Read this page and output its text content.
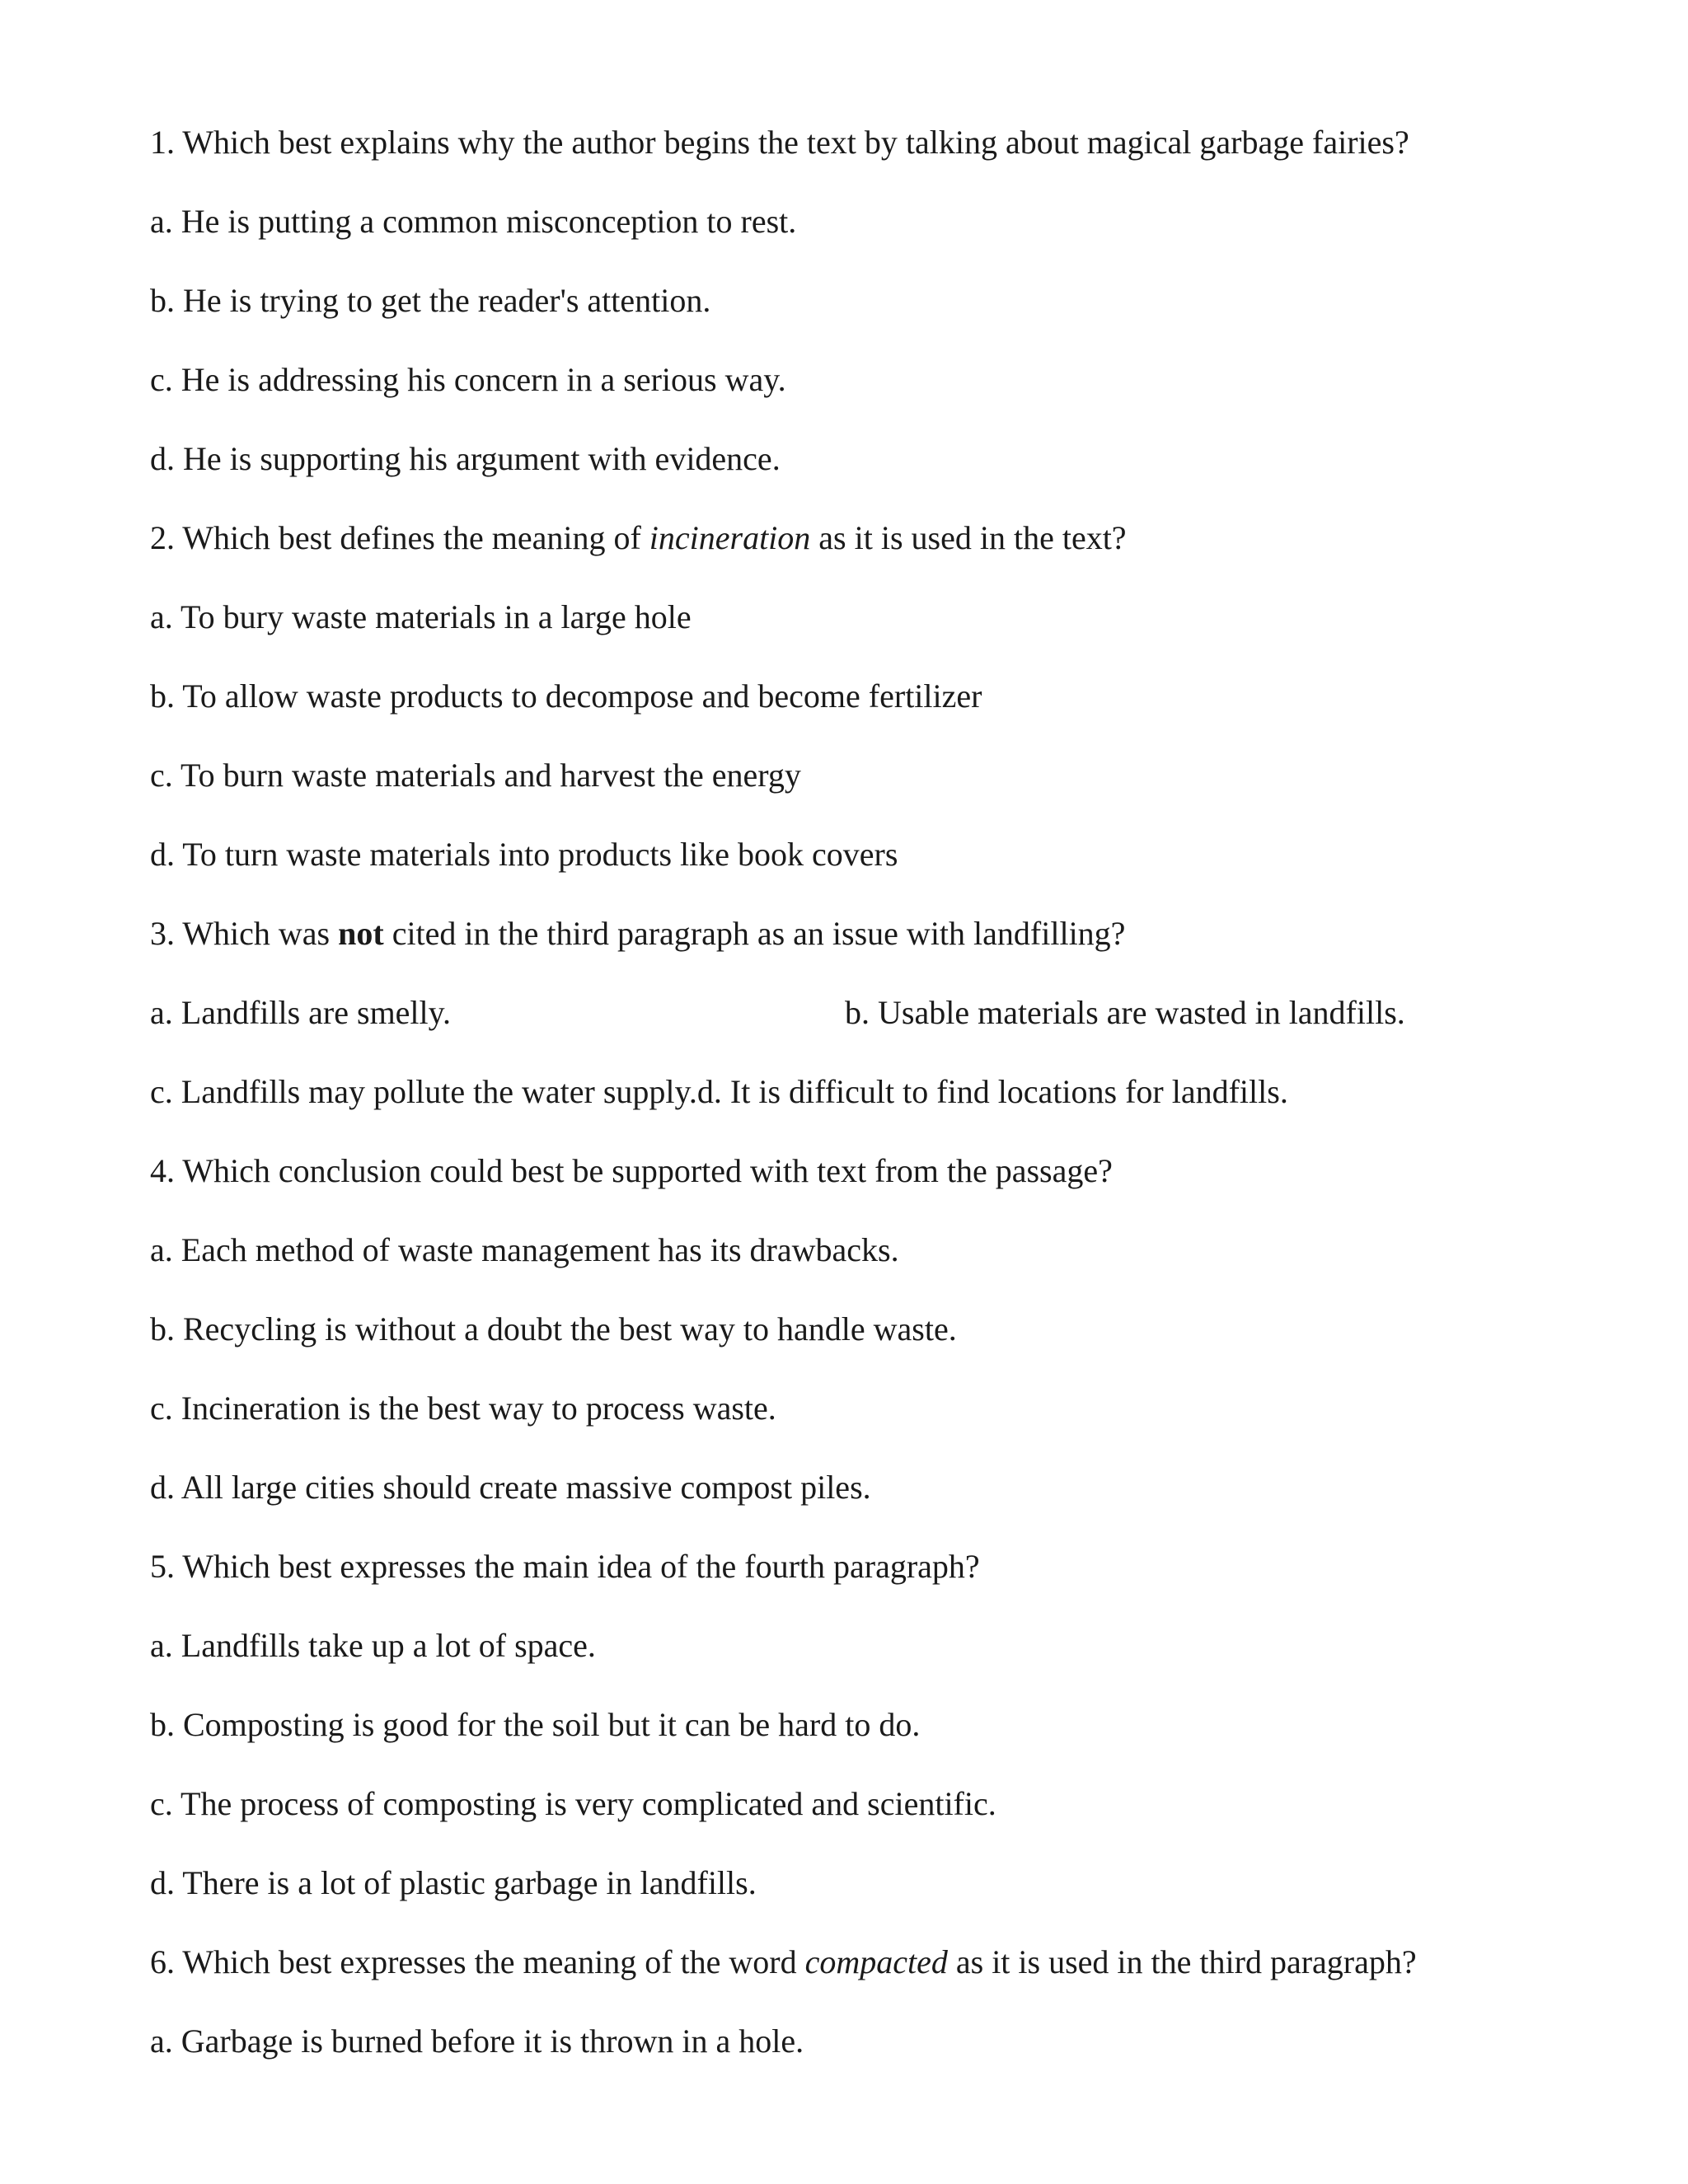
1. Which best explains why the author begins the text by talking about magical garbage fairies?
a. He is putting a common misconception to rest.
b. He is trying to get the reader's attention.
c. He is addressing his concern in a serious way.
d. He is supporting his argument with evidence.
2. Which best defines the meaning of incineration as it is used in the text?
a. To bury waste materials in a large hole
b. To allow waste products to decompose and become fertilizer
c. To burn waste materials and harvest the energy
d. To turn waste materials into products like book covers
3. Which was not cited in the third paragraph as an issue with landfilling?
a. Landfills are smelly.	b. Usable materials are wasted in landfills.
c. Landfills may pollute the water supply.d. It is difficult to find locations for landfills.
4. Which conclusion could best be supported with text from the passage?
a. Each method of waste management has its drawbacks.
b. Recycling is without a doubt the best way to handle waste.
c. Incineration is the best way to process waste.
d. All large cities should create massive compost piles.
5. Which best expresses the main idea of the fourth paragraph?
a. Landfills take up a lot of space.
b. Composting is good for the soil but it can be hard to do.
c. The process of composting is very complicated and scientific.
d. There is a lot of plastic garbage in landfills.
6. Which best expresses the meaning of the word compacted as it is used in the third paragraph?
a. Garbage is burned before it is thrown in a hole.
